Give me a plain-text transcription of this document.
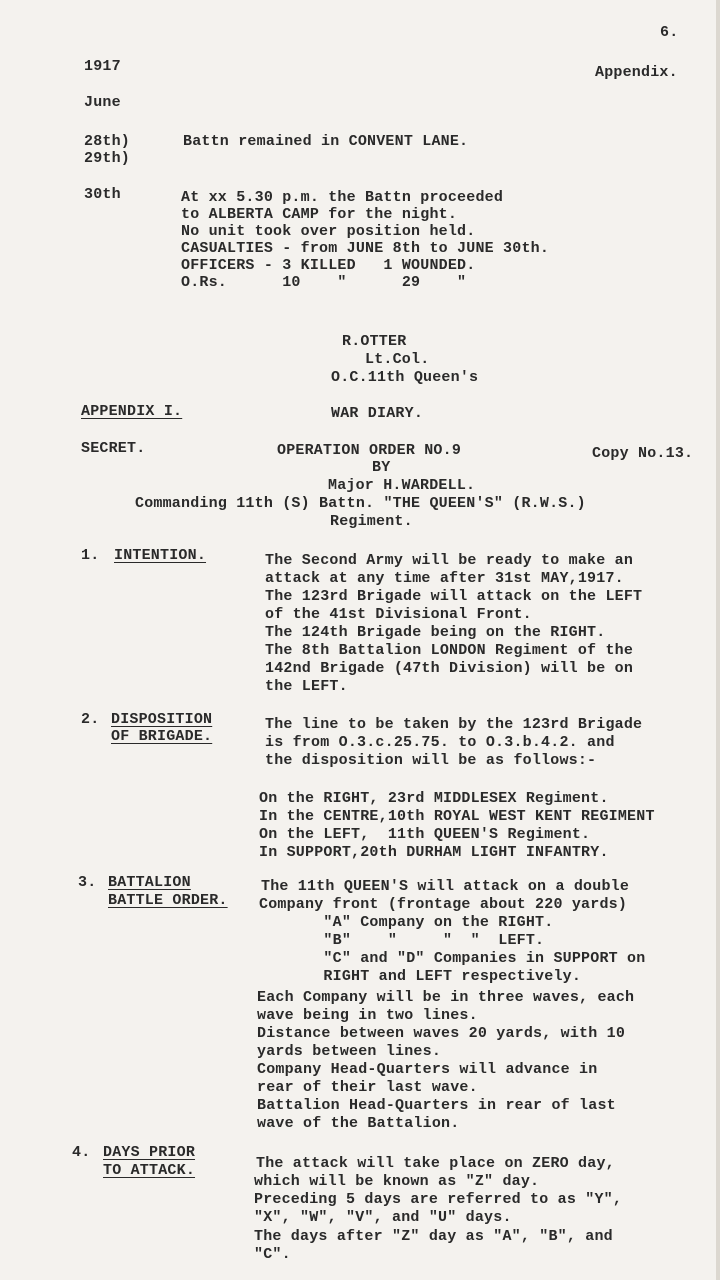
6.
1917	Appendix.
June
28th)
29th)
Battn remained in CONVENT LANE.
30th	At xx 5.30 p.m. the Battn proceeded
to ALBERTA CAMP for the night.
No unit took over position held.
CASUALTIES - from JUNE 8th to JUNE 30th.
OFFICERS - 3 KILLED   1 WOUNDED.
O.Rs.      10    "      29    "
R.OTTER
Lt.Col.
O.C.11th Queen's
APPENDIX I.	WAR DIARY.
SECRET.	OPERATION ORDER NO.9	Copy No.13.
BY
Major H.WARDELL.
Commanding 11th (S) Battn. "THE QUEEN'S" (R.W.S.)
Regiment.
1. INTENTION.	The Second Army will be ready to make an
attack at any time after 31st MAY,1917.
The 123rd Brigade will attack on the LEFT
of the 41st Divisional Front.
The 124th Brigade being on the RIGHT.
The 8th Battalion LONDON Regiment of the
142nd Brigade (47th Division) will be on
the LEFT.
2. DISPOSITION
OF BRIGADE.
The line to be taken by the 123rd Brigade
is from O.3.c.25.75. to O.3.b.4.2. and
the disposition will be as follows:-
On the RIGHT, 23rd MIDDLESEX Regiment.
In the CENTRE,10th ROYAL WEST KENT REGIMENT
On the LEFT,  11th QUEEN'S Regiment.
In SUPPORT,20th DURHAM LIGHT INFANTRY.
3. BATTALION
BATTLE ORDER.
The 11th QUEEN'S will attack on a double
Company front (frontage about 220 yards)
"A" Company on the RIGHT.
"B"    "     "  "  LEFT.
"C" and "D" Companies in SUPPORT on
RIGHT and LEFT respectively.
Each Company will be in three waves, each
wave being in two lines.
Distance between waves 20 yards, with 10
yards between lines.
Company Head-Quarters will advance in
rear of their last wave.
Battalion Head-Quarters in rear of last
wave of the Battalion.
4. DAYS PRIOR
TO ATTACK.	The attack will take place on ZERO day,
which will be known as "Z" day.
Preceding 5 days are referred to as "Y",
"X", "W", "V", and "U" days.
The days after "Z" day as "A", "B", and
"C".
